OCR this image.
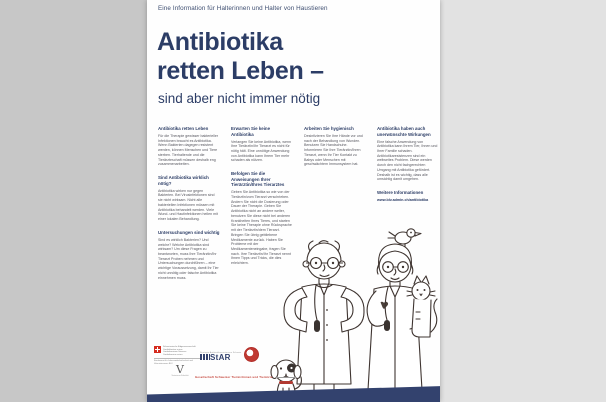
Eine Information für Halterinnen und Halter von Haustieren
Antibiotika
retten Leben –
sind aber nicht immer nötig
Antibiotika retten Leben

Für die Therapie gewisser bakterieller Infektionen braucht es Antibiotika. Wenn Bakterien dagegen resistent werden, können Menschen und Tiere sterben. Tierhaltende und die Tierärzteschaft müssen deshalb eng zusammenarbeiten.

Sind Antibiotika wirklich nötig?

Antibiotika wirken nur gegen Bakterien. Bei Virusinfektionen sind sie nicht wirksam. Nicht alle bakteriellen Infektionen müssen mit Antibiotika behandelt werden. Viele Wund- und Hautinfektionen heilen mit einer lokalen Behandlung.

Untersuchungen sind wichtig

Sind es wirklich Bakterien? Und welche? Welche Antibiotika sind wirksam? Um diese Fragen zu beantworten, muss Ihre Tierärztin/Ihr Tierarzt Proben nehmen und Untersuchungen durchführen – eine wichtige Voraussetzung, damit Ihr Tier nicht unnötig oder falsche Antibiotika einnehmen muss.

Erwarten Sie keine Antibiotika

Verlangen Sie keine Antibiotika, wenn Ihre Tierärztin/Ihr Tierarzt es nicht für nötig hält. Eine unnötige Anwendung von Antibiotika kann Ihrem Tier mehr schaden als nützen.

Befolgen Sie die Anweisungen Ihrer Tierärztin/Ihres Tierarztes

Geben Sie Antibiotika so wie von der Tierärztin/vom Tierarzt verschrieben. Ändern Sie nicht die Dosierung oder Dauer der Therapie. Geben Sie Antibiotika nicht an andere weiter, benutzen Sie diese nicht bei anderen Krankheiten Ihres Tieres, und starten Sie keine Therapie ohne Rücksprache mit der Tierärztin/dem Tierarzt. Bringen Sie übrig gebliebene Medikamente zurück. Haben Sie Probleme mit der Medikamenteneingabe, fragen Sie nach. Ihre Tierärztin/Ihr Tierarzt nennt Ihnen Tipps und Tricks, die dies erleichtern.

Arbeiten Sie hygienisch

Desinfizieren Sie Ihre Hände vor und nach der Behandlung von Wunden. Benutzen Sie Handschuhe. Informieren Sie Ihre Tierärztin/Ihren Tierarzt, wenn Ihr Tier Kontakt zu Babys oder Menschen mit geschwächtem Immunsystem hat.

Antibiotika haben auch unerwünschte Wirkungen

Eine falsche Anwendung von Antibiotika kann Ihrem Tier, Ihnen und Ihrer Familie schaden. Antibiotikaresistenzen sind ein weltweites Problem. Diese werden durch den nicht fachgerechten Umgang mit Antibiotika gefördert. Deshalb ist es wichtig, dass alle umsichtig damit umgehen.

Weitere Informationen
www.blv.admin.ch/antibiotika
Schweizerische Eidgenossenschaft
Confédération suisse
Confederazione Svizzera
Confederaziun svizra
Bundesamt für Lebensmittelsicherheit und Veterinärwesen BLV
Strategie Antibiotikaresistenzen Schweiz
StAR
V
Vetsuisse-Fakultät	Gesellschaft Schweizer Tierärztinnen und Tierärzte
